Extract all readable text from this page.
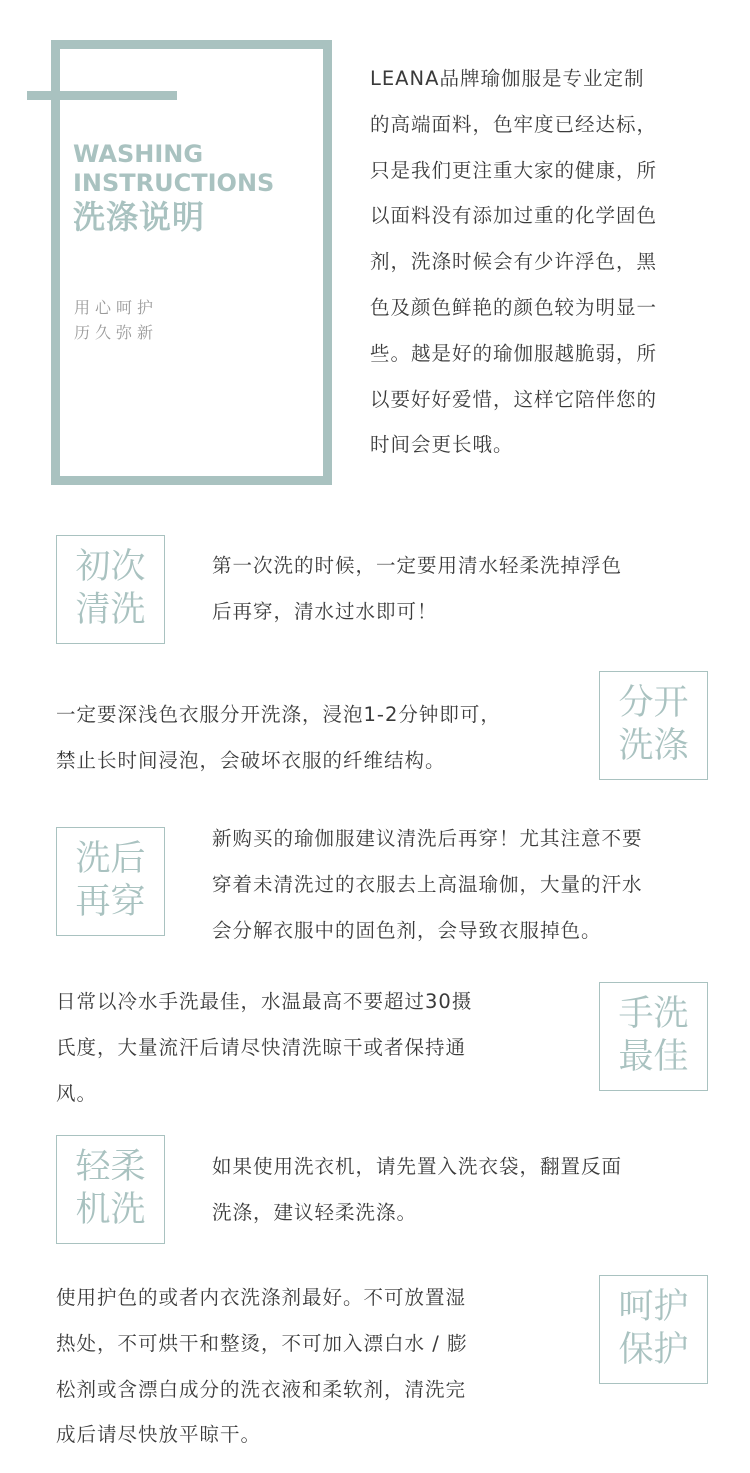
WASHING
INSTRUCTIONS
洗涤说明
用心呵护
历久弥新
LEANA品牌瑜伽服是专业定制
的高端面料，色牢度已经达标，
只是我们更注重大家的健康，所
以面料没有添加过重的化学固色
剂，洗涤时候会有少许浮色，黑
色及颜色鲜艳的颜色较为明显一
些。越是好的瑜伽服越脆弱，所
以要好好爱惜，这样它陪伴您的
时间会更长哦。
初次
清洗
第一次洗的时候，一定要用清水轻柔洗掉浮色
后再穿，清水过水即可！
一定要深浅色衣服分开洗涤，浸泡1-2分钟即可，
禁止长时间浸泡，会破坏衣服的纤维结构。
分开
洗涤
洗后
再穿
新购买的瑜伽服建议清洗后再穿！尤其注意不要
穿着未清洗过的衣服去上高温瑜伽，大量的汗水
会分解衣服中的固色剂，会导致衣服掉色。
日常以冷水手洗最佳，水温最高不要超过30摄
氏度，大量流汗后请尽快清洗晾干或者保持通
风。
手洗
最佳
轻柔
机洗
如果使用洗衣机，请先置入洗衣袋，翻置反面
洗涤，建议轻柔洗涤。
使用护色的或者内衣洗涤剂最好。不可放置湿
热处，不可烘干和整烫，不可加入漂白水 / 膨
松剂或含漂白成分的洗衣液和柔软剂，清洗完
成后请尽快放平晾干。
呵护
保护
